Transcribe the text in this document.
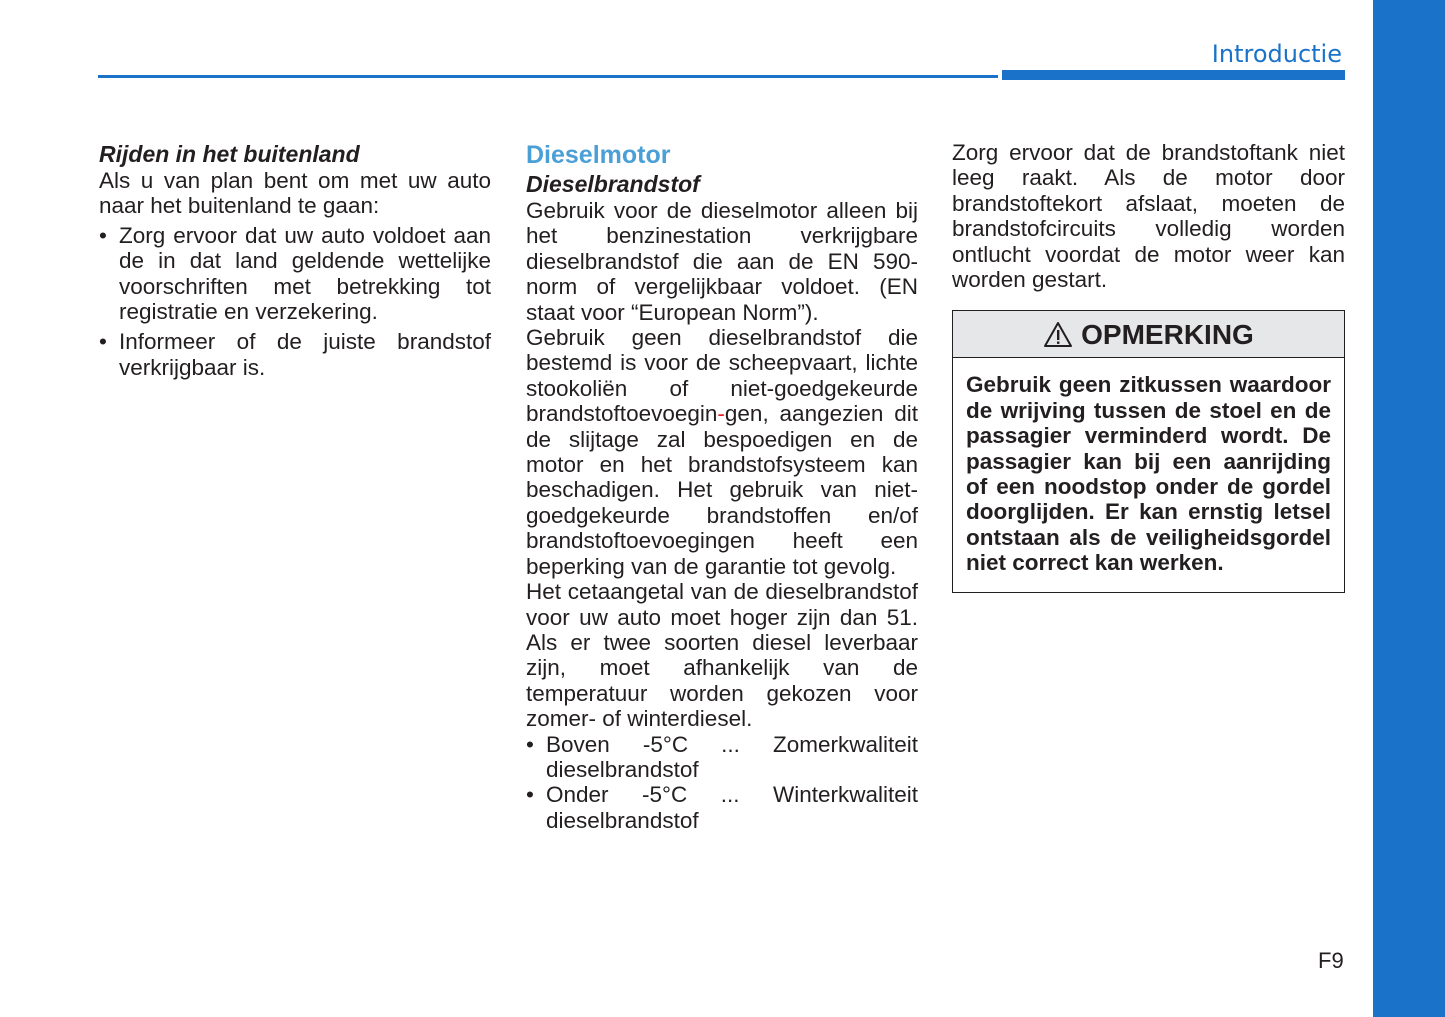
Introductie
Rijden in het buitenland

Als u van plan bent om met uw auto naar het buitenland te gaan:

• Zorg ervoor dat uw auto voldoet aan de in dat land geldende wettelijke voorschriften met betrekking tot registratie en verzekering.
• Informeer of de juiste brandstof verkrijgbaar is.
Dieselmotor
Dieselbrandstof

Gebruik voor de dieselmotor alleen bij het benzinestation verkrijgbare dieselbrandstof die aan de EN 590-norm of vergelijkbaar voldoet. (EN staat voor “European Norm”).

Gebruik geen dieselbrandstof die bestemd is voor de scheepvaart, lichte stookoliën of niet-goedgekeurde brandstoftoevoegin-gen, aangezien dit de slijtage zal bespoedigen en de motor en het brandstofsysteem kan beschadigen. Het gebruik van niet-goedgekeurde brandstoffen en/of brandstoftoevoegingen heeft een beperking van de garantie tot gevolg.

Het cetaangetal van de dieselbrandstof voor uw auto moet hoger zijn dan 51. Als er twee soorten diesel leverbaar zijn, moet afhankelijk van de temperatuur worden gekozen voor zomer- of winterdiesel.

• Boven -5°C ... Zomerkwaliteit dieselbrandstof
• Onder -5°C ... Winterkwaliteit dieselbrandstof

Zorg ervoor dat de brandstoftank niet leeg raakt. Als de motor door brandstoftekort afslaat, moeten de brandstofcircuits volledig worden ontlucht voordat de motor weer kan worden gestart.

OPMERKING
Gebruik geen zitkussen waardoor de wrijving tussen de stoel en de passagier verminderd wordt. De passagier kan bij een aanrijding of een noodstop onder de gordel doorglijden. Er kan ernstig letsel ontstaan als de veiligheidsgordel niet correct kan werken.
F9
